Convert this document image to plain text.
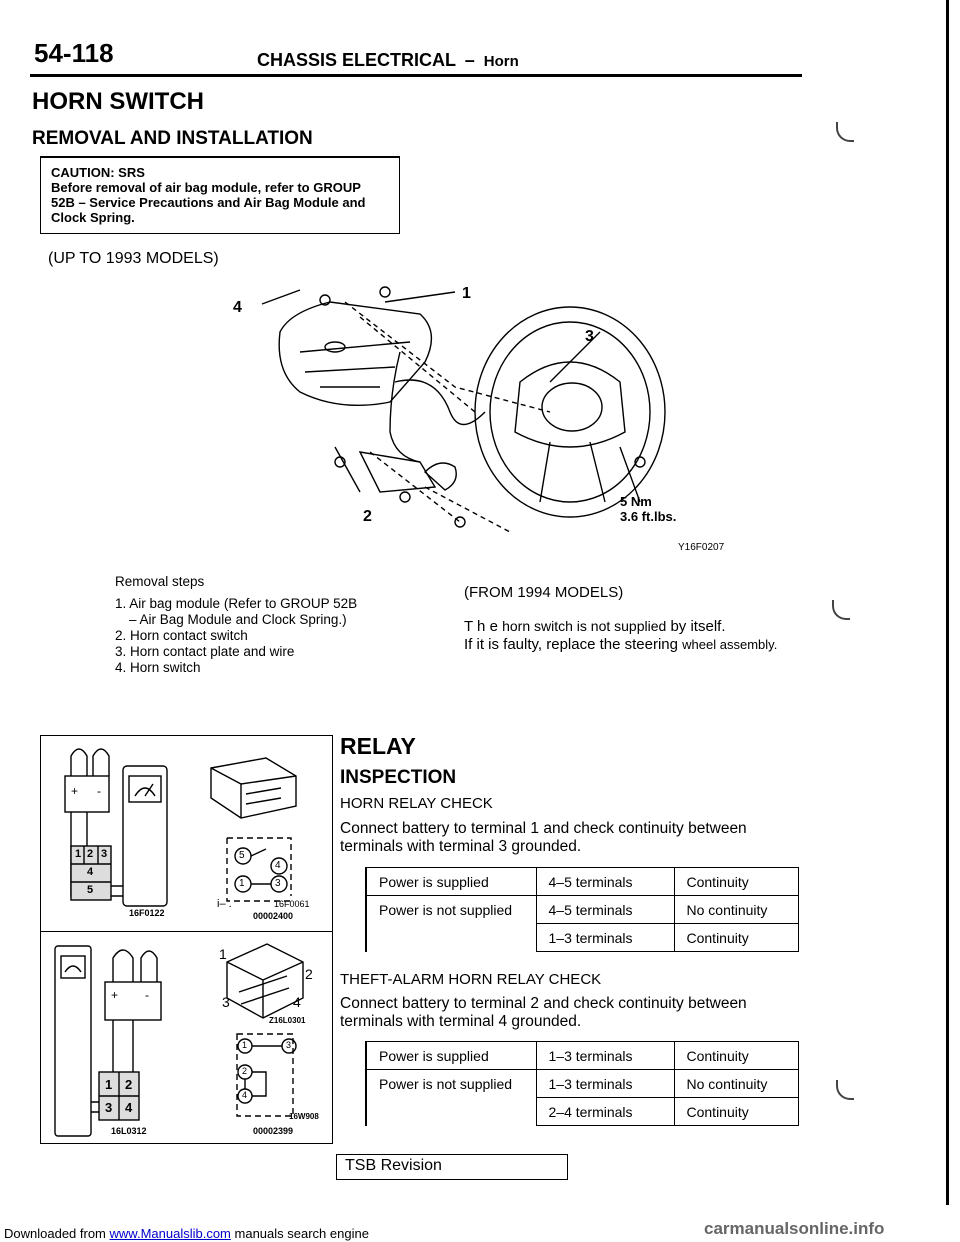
54-118	CHASSIS ELECTRICAL – Horn
HORN SWITCH
REMOVAL AND INSTALLATION
CAUTION: SRS
Before removal of air bag module, refer to GROUP
52B – Service Precautions and Air Bag Module and
Clock Spring.
(UP TO 1993 MODELS)
1
4
3
2
5 Nm
3.6 ft.lbs.
Y16F0207
Removal steps
1. Air bag module (Refer to GROUP 52B
– Air Bag Module and Clock Spring.)
2. Horn contact switch
3. Horn contact plate and wire
4. Horn switch
(FROM 1994 MODELS)
T h e horn switch is not supplied by itself.
If it is faulty, replace the steering wheel assembly.
+ -
1 2 3
4
5
1	3
4
5
i– .
16F0122
16F0061
00002400
+ -
1 2
3 4
1
2
3	4
1	3
2
4
16L0312
Z16L0301
16W908
00002399
RELAY
INSPECTION
HORN RELAY CHECK
Connect battery to terminal 1 and check continuity between
terminals with terminal 3 grounded.
Power is supplied	4–5 terminals	Continuity
Power is not supplied	4–5 terminals	No continuity
	1–3 terminals	Continuity
THEFT-ALARM HORN RELAY CHECK
Connect battery to terminal 2 and check continuity between
terminals with terminal 4 grounded.
Power is supplied	1–3 terminals	Continuity
Power is not supplied	1–3 terminals	No continuity
	2–4 terminals	Continuity
TSB Revision
Downloaded from www.Manualslib.com manuals search engine	carmanualsonline.info
